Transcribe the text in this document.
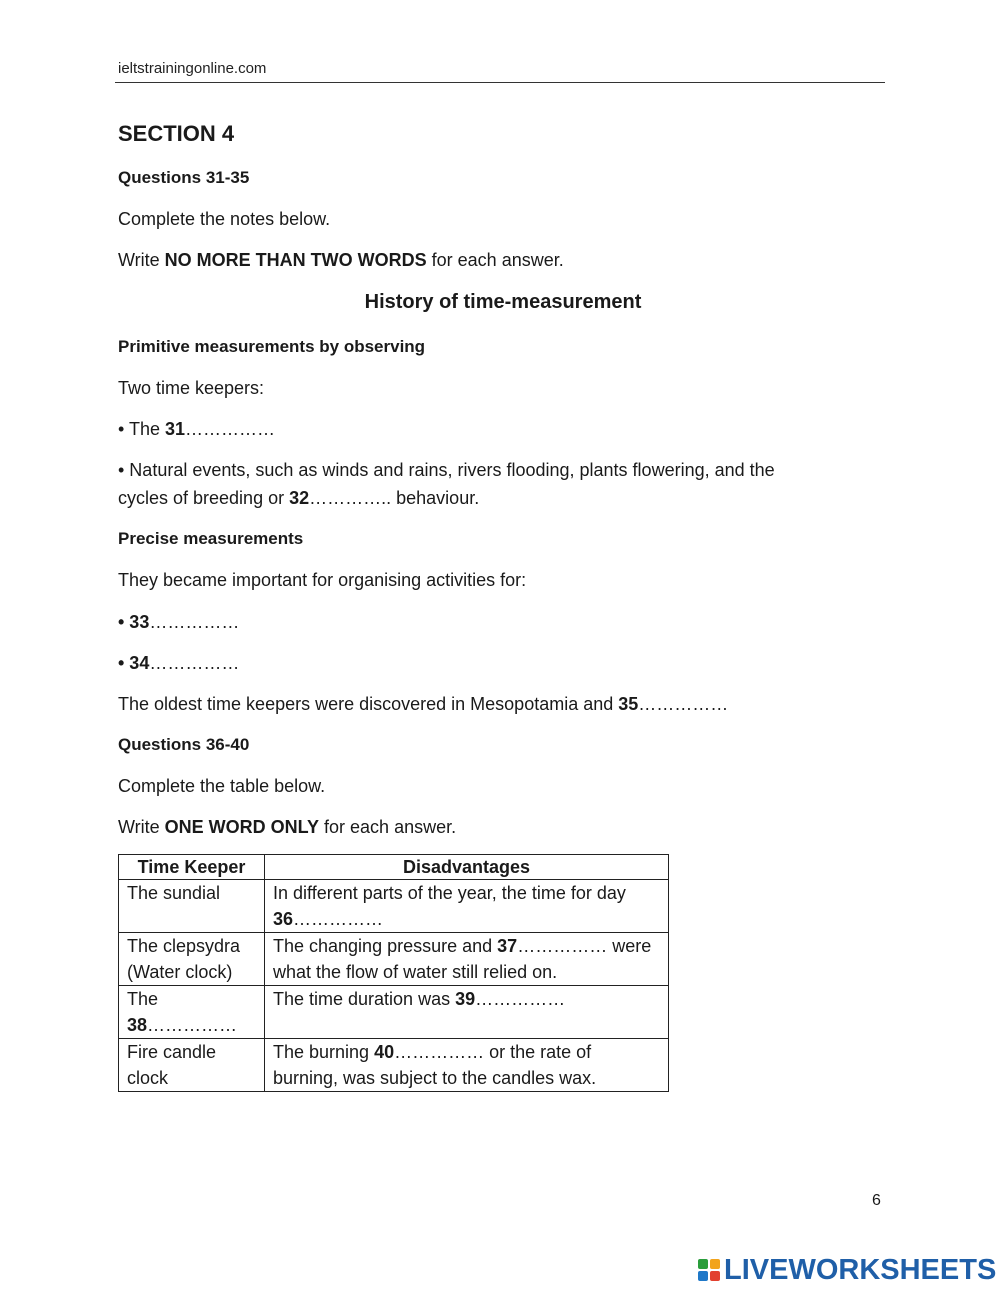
ieltstrainingonline.com
SECTION 4
Questions 31-35
Complete the notes below.
Write NO MORE THAN TWO WORDS for each answer.
History of time-measurement
Primitive measurements by observing
Two time keepers:
• The 31……………
• Natural events, such as winds and rains, rivers flooding, plants flowering, and the
cycles of breeding or 32………….. behaviour.
Precise measurements
They became important for organising activities for:
• 33……………
• 34……………
The oldest time keepers were discovered in Mesopotamia and 35……………
Questions 36-40
Complete the table below.
Write ONE WORD ONLY for each answer.
Time Keeper	Disadvantages
The sundial	In different parts of the year, the time for day 36……………
The clepsydra (Water clock)	The changing pressure and 37…………… were what the flow of water still relied on.
The
38……………	The time duration was 39……………
Fire candle clock	The burning 40…………… or the rate of burning, was subject to the candles wax.
6
LIVEWORKSHEETS
